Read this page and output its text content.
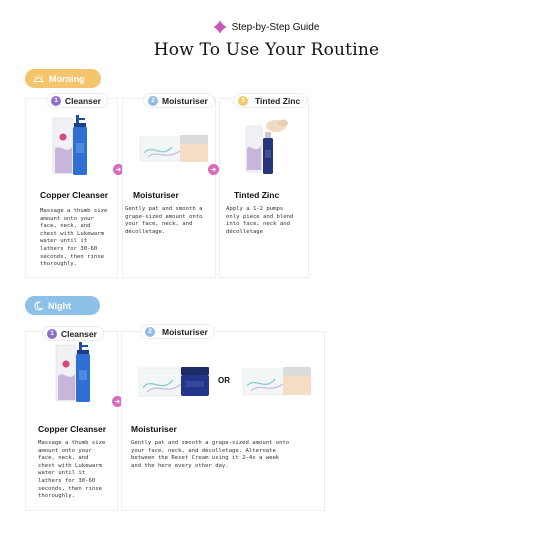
Step-by-Step Guide
How To Use Your Routine
Morning
1 Cleanser
Copper Cleanser
Massage a thumb size amount onto your face, neck, and chest with Lukewarm water until it lathers for 30-60 seconds, then rinse thoroughly.
2 Moisturiser
Moisturiser
Gently pat and smooth a grape-sized amount onto your face, neck, and décolletage.
3	Tinted Zinc
Tinted Zinc
Apply a 1-2 pumps only piece and blend into face, neck and décolletage
Night
1 Cleanser
Copper Cleanser
Massage a thumb size amount onto your face, neck, and chest with Lukewarm water until it lathers for 30-60 seconds, then rinse thoroughly.
2	Moisturiser
OR
Moisturiser
Gently pat and smooth a grape-sized amount onto your face, neck, and décolletage. Alternate between the Reset Cream using it 2-4x a week and the hero every other day.
